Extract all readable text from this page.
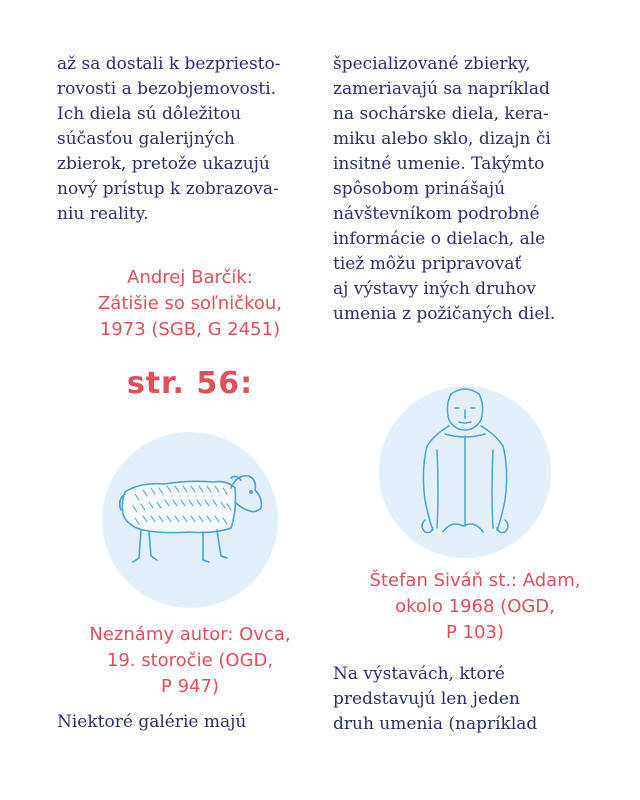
až sa dostali k bezpriesto-
rovosti a bezobjemovosti.
Ich diela sú dôležitou
súčasťou galerijných
zbierok, pretože ukazujú
nový prístup k zobrazova-
niu reality.
Andrej Barčík:
Zátišie so soľničkou,
1973 (SGB, G 2451)
str. 56:
Neznámy autor: Ovca,
19. storočie (OGD,
P 947)
Niektoré galérie majú
špecializované zbierky,
zameriavajú sa napríklad
na sochárske diela, kera-
miku alebo sklo, dizajn či
insitné umenie. Takýmto
spôsobom prinášajú
návštevníkom podrobné
informácie o dielach, ale
tiež môžu pripravovať
aj výstavy iných druhov
umenia z požičaných diel.
Štefan Siváň st.: Adam,
okolo 1968 (OGD,
P 103)
Na výstavách, ktoré
predstavujú len jeden
druh umenia (napríklad
